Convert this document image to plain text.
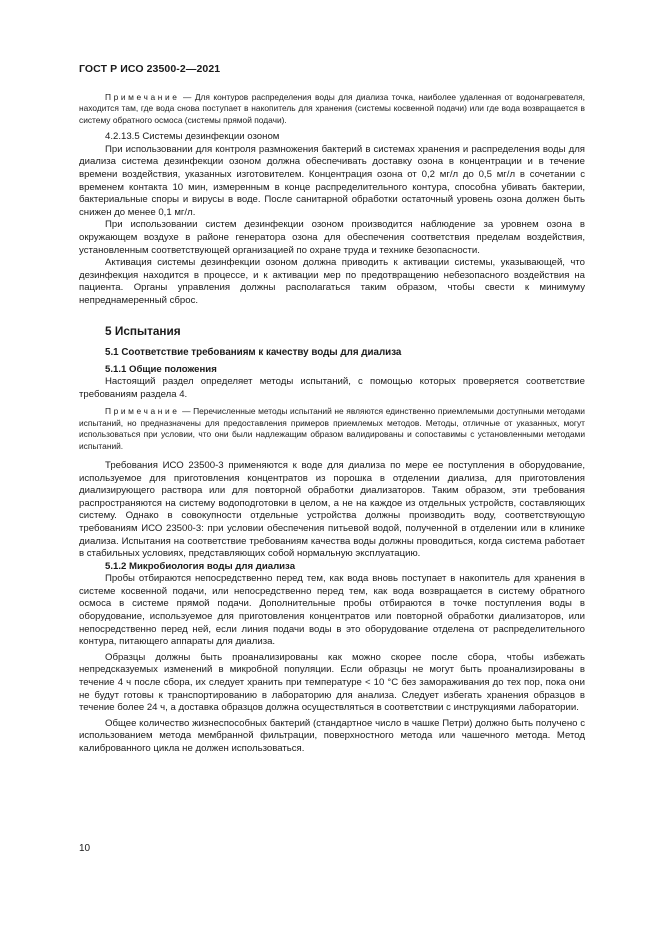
ГОСТ Р ИСО 23500-2—2021

Примечание — Для контуров распределения воды для диализа точка, наиболее удаленная от водонагревателя, находится там, где вода снова поступает в накопитель для хранения (системы косвенной подачи) или где вода возвращается в систему обратного осмоса (системы прямой подачи).

4.2.13.5 Системы дезинфекции озоном

При использовании для контроля размножения бактерий в системах хранения и распределения воды для диализа система дезинфекции озоном должна обеспечивать доставку озона в концентрации и в течение времени воздействия, указанных изготовителем. Концентрация озона от 0,2 мг/л до 0,5 мг/л в сочетании с временем контакта 10 мин, измеренным в конце распределительного контура, способна убивать бактерии, бактериальные споры и вирусы в воде. После санитарной обработки остаточный уровень озона должен быть снижен до менее 0,1 мг/л.

При использовании систем дезинфекции озоном производится наблюдение за уровнем озона в окружающем воздухе в районе генератора озона для обеспечения соответствия пределам воздействия, установленным соответствующей организацией по охране труда и технике безопасности.

Активация системы дезинфекции озоном должна приводить к активации системы, указывающей, что дезинфекция находится в процессе, и к активации мер по предотвращению небезопасного воздействия на пациента. Органы управления должны располагаться таким образом, чтобы свести к минимуму непреднамеренный сброс.

5 Испытания
5.1 Соответствие требованиям к качеству воды для диализа
5.1.1 Общие положения

Настоящий раздел определяет методы испытаний, с помощью которых проверяется соответствие требованиям раздела 4.

Примечание — Перечисленные методы испытаний не являются единственно приемлемыми доступными методами испытаний, но предназначены для предоставления примеров приемлемых методов. Методы, отличные от указанных, могут использоваться при условии, что они были надлежащим образом валидированы и сопоставимы с установленными методами испытаний.

Требования ИСО 23500-3 применяются к воде для диализа по мере ее поступления в оборудование, используемое для приготовления концентратов из порошка в отделении диализа, для приготовления диализирующего раствора или для повторной обработки диализаторов. Таким образом, эти требования распространяются на систему водоподготовки в целом, а не на каждое из отдельных устройств, составляющих систему. Однако в совокупности отдельные устройства должны производить воду, соответствующую требованиям ИСО 23500-3: при условии обеспечения питьевой водой, полученной в отделении или в клинике диализа. Испытания на соответствие требованиям качества воды должны проводиться, когда система работает в стабильных условиях, представляющих собой нормальную эксплуатацию.

5.1.2 Микробиология воды для диализа

Пробы отбираются непосредственно перед тем, как вода вновь поступает в накопитель для хранения в системе косвенной подачи, или непосредственно перед тем, как вода возвращается в систему обратного осмоса в системе прямой подачи. Дополнительные пробы отбираются в точке поступления воды в оборудование, используемое для приготовления концентратов или повторной обработки диализаторов, или непосредственно перед ней, если линия подачи воды в это оборудование отделена от распределительного контура, питающего аппараты для диализа.

Образцы должны быть проанализированы как можно скорее после сбора, чтобы избежать непредсказуемых изменений в микробной популяции. Если образцы не могут быть проанализированы в течение 4 ч после сбора, их следует хранить при температуре < 10 °С без замораживания до тех пор, пока они не будут готовы к транспортированию в лабораторию для анализа. Следует избегать хранения образцов в течение более 24 ч, а доставка образцов должна осуществляться в соответствии с инструкциями лаборатории.

Общее количество жизнеспособных бактерий (стандартное число в чашке Петри) должно быть получено с использованием метода мембранной фильтрации, поверхностного метода или чашечного метода. Метод калиброванного цикла не должен использоваться.

10
